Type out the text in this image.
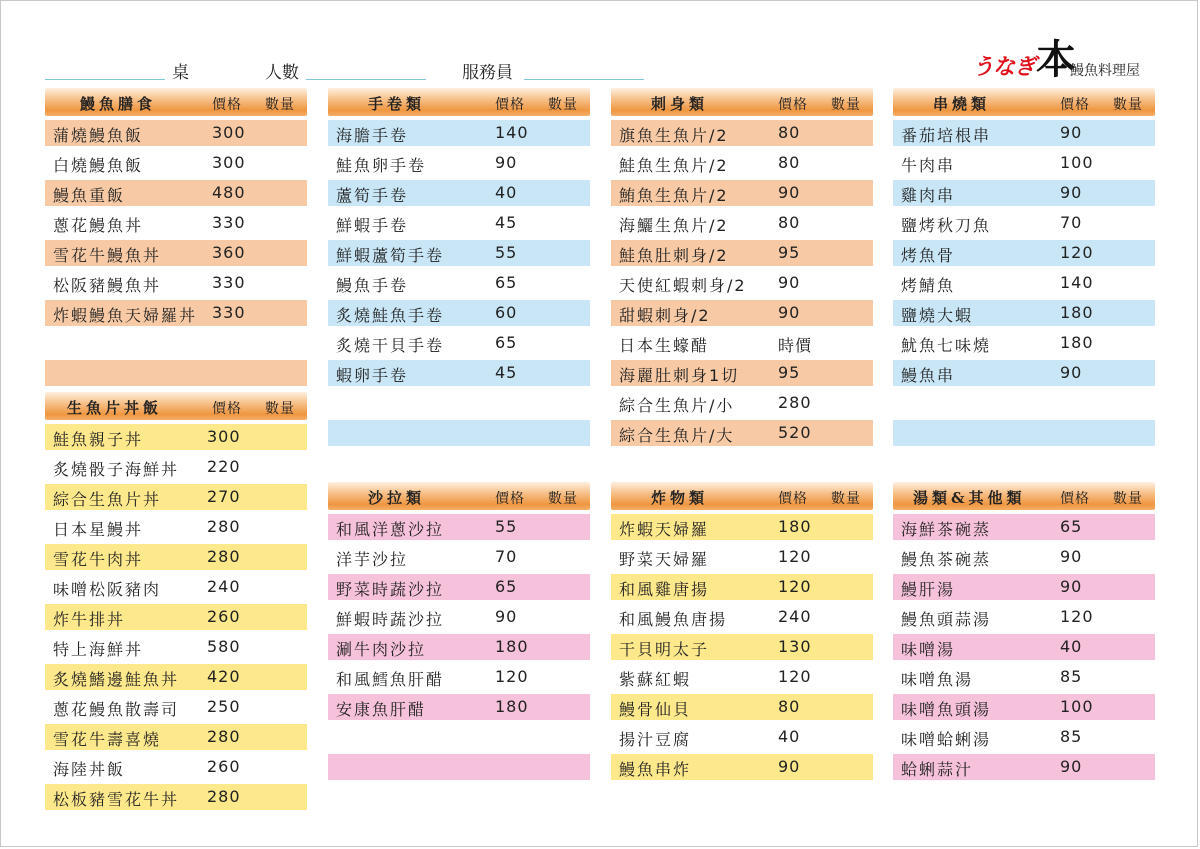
桌	人數	服務員	うなぎ 本
鰻魚料理屋
鰻魚膳食	價格 數量
蒲燒鰻魚飯	300
白燒鰻魚飯	300
鰻魚重飯	480
蔥花鰻魚丼	330
雪花牛鰻魚丼	360
松阪豬鰻魚丼	330
炸蝦鰻魚天婦羅丼 330
手卷類	價格 數量
海膽手卷	140
鮭魚卵手卷	90
蘆筍手卷	40
鮮蝦手卷	45
鮮蝦蘆筍手卷	55
鰻魚手卷	65
炙燒鮭魚手卷	60
炙燒干貝手卷	65
蝦卵手卷	45
刺身類	價格 數量
旗魚生魚片/2	80
鮭魚生魚片/2	80
鮪魚生魚片/2	90
海鱺生魚片/2	80
鮭魚肚刺身/2	95
天使紅蝦刺身/2 90
甜蝦刺身/2	90
日本生蠔醋	時價
海麗肚刺身1切 95
綜合生魚片/小	280
綜合生魚片/大	520
串燒類	價格 數量
番茄培根串	90
牛肉串	100
雞肉串	90
鹽烤秋刀魚	70
烤魚骨	120
烤鯖魚	140
鹽燒大蝦	180
魷魚七味燒	180
鰻魚串	90
生魚片丼飯	價格 數量
鮭魚親子丼	300
炙燒骰子海鮮丼 220
綜合生魚片丼	270
日本星鰻丼	280
雪花牛肉丼	280
味噌松阪豬肉	240
炸牛排丼	260
特上海鮮丼	580
炙燒鰭邊鮭魚丼 420
蔥花鰻魚散壽司 250
雪花牛壽喜燒	280
海陸丼飯	260
松板豬雪花牛丼 280
沙拉類	價格 數量
和風洋蔥沙拉	55
洋芋沙拉	70
野菜時蔬沙拉	65
鮮蝦時蔬沙拉	90
涮牛肉沙拉	180
和風鱈魚肝醋	120
安康魚肝醋	180
炸物類	價格 數量
炸蝦天婦羅	180
野菜天婦羅	120
和風雞唐揚	120
和風鰻魚唐揚	240
干貝明太子	130
紫蘇紅蝦	120
鰻骨仙貝	80
揚汁豆腐	40
鰻魚串炸	90
湯類&其他類 價格 數量
海鮮茶碗蒸	65
鰻魚茶碗蒸	90
鰻肝湯	90
鰻魚頭蒜湯	120
味噌湯	40
味噌魚湯	85
味噌魚頭湯	100
味噌蛤蜊湯	85
蛤蜊蒜汁	90
